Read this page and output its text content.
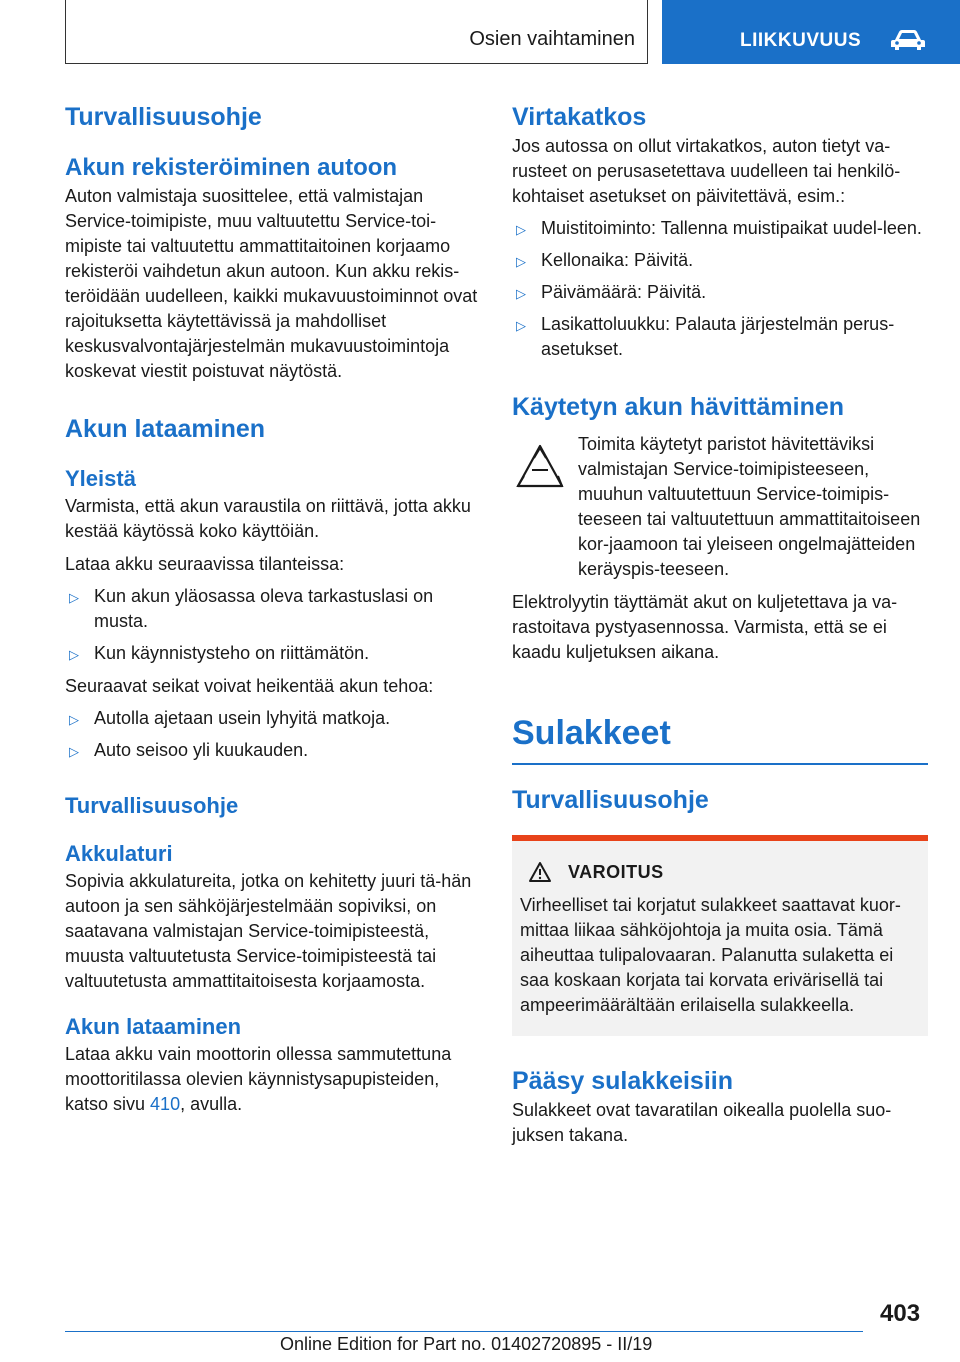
Osien vaihtaminen	LIIKKUVUUS
Turvallisuusohje
Akun rekisteröiminen autoon

Auton valmistaja suosittelee, että valmistajan Service-toimipiste, muu valtuutettu Service-toi-mipiste tai valtuutettu ammattitaitoinen korjaamo rekisteröi vaihdetun akun autoon. Kun akku rekis-teröidään uudelleen, kaikki mukavuustoiminnot ovat rajoituksetta käytettävissä ja mahdolliset keskusvalvontajärjestelmän mukavuustoimintoja koskevat viestit poistuvat näytöstä.

Akun lataaminen
Yleistä

Varmista, että akun varaustila on riittävä, jotta akku kestää käytössä koko käyttöiän.

Lataa akku seuraavissa tilanteissa:

▷ Kun akun yläosassa oleva tarkastuslasi on musta.
▷ Kun käynnistysteho on riittämätön.

Seuraavat seikat voivat heikentää akun tehoa:

▷ Autolla ajetaan usein lyhyitä matkoja.
▷ Auto seisoo yli kuukauden.
Turvallisuusohje
Akkulaturi

Sopivia akkulatureita, jotka on kehitetty juuri tä-hän autoon ja sen sähköjärjestelmään sopiviksi, on saatavana valmistajan Service-toimipisteestä, muusta valtuutetusta Service-toimipisteestä tai valtuutetusta ammattitaitoisesta korjaamosta.

Akun lataaminen

Lataa akku vain moottorin ollessa sammutettuna moottoritilassa olevien käynnistysapupisteiden, katso sivu 410, avulla.

Virtakatkos

Jos autossa on ollut virtakatkos, auton tietyt va-rusteet on perusasetettava uudelleen tai henkilö-kohtaiset asetukset on päivitettävä, esim.:

▷ Muistitoiminto: Tallenna muistipaikat uudel-leen.
▷ Kellonaika: Päivitä.
▷ Päivämäärä: Päivitä.
▷ Lasikattoluukku: Palauta järjestelmän perus-asetukset.
Käytetyn akun hävittäminen

Toimita käytetyt paristot hävitettäviksi valmistajan Service-toimipisteeseen, muuhun valtuutettuun Service-toimipis-teeseen tai valtuutettuun ammattitaitoiseen kor-jaamoon tai yleiseen ongelmajätteiden keräyspis-teeseen.

Elektrolyytin täyttämät akut on kuljetettava ja va-rastoitava pystyasennossa. Varmista, että se ei kaadu kuljetuksen aikana.

Sulakkeet
Turvallisuusohje
VAROITUS

Virheelliset tai korjatut sulakkeet saattavat kuor-mittaa liikaa sähköjohtoja ja muita osia. Tämä aiheuttaa tulipalovaaran. Palanutta sulaketta ei saa koskaan korjata tai korvata erivärisellä tai ampeerimäärältään erilaisella sulakkeella.

Pääsy sulakkeisiin

Sulakkeet ovat tavaratilan oikealla puolella suo-juksen takana.

403
Online Edition for Part no. 01402720895 - II/19
